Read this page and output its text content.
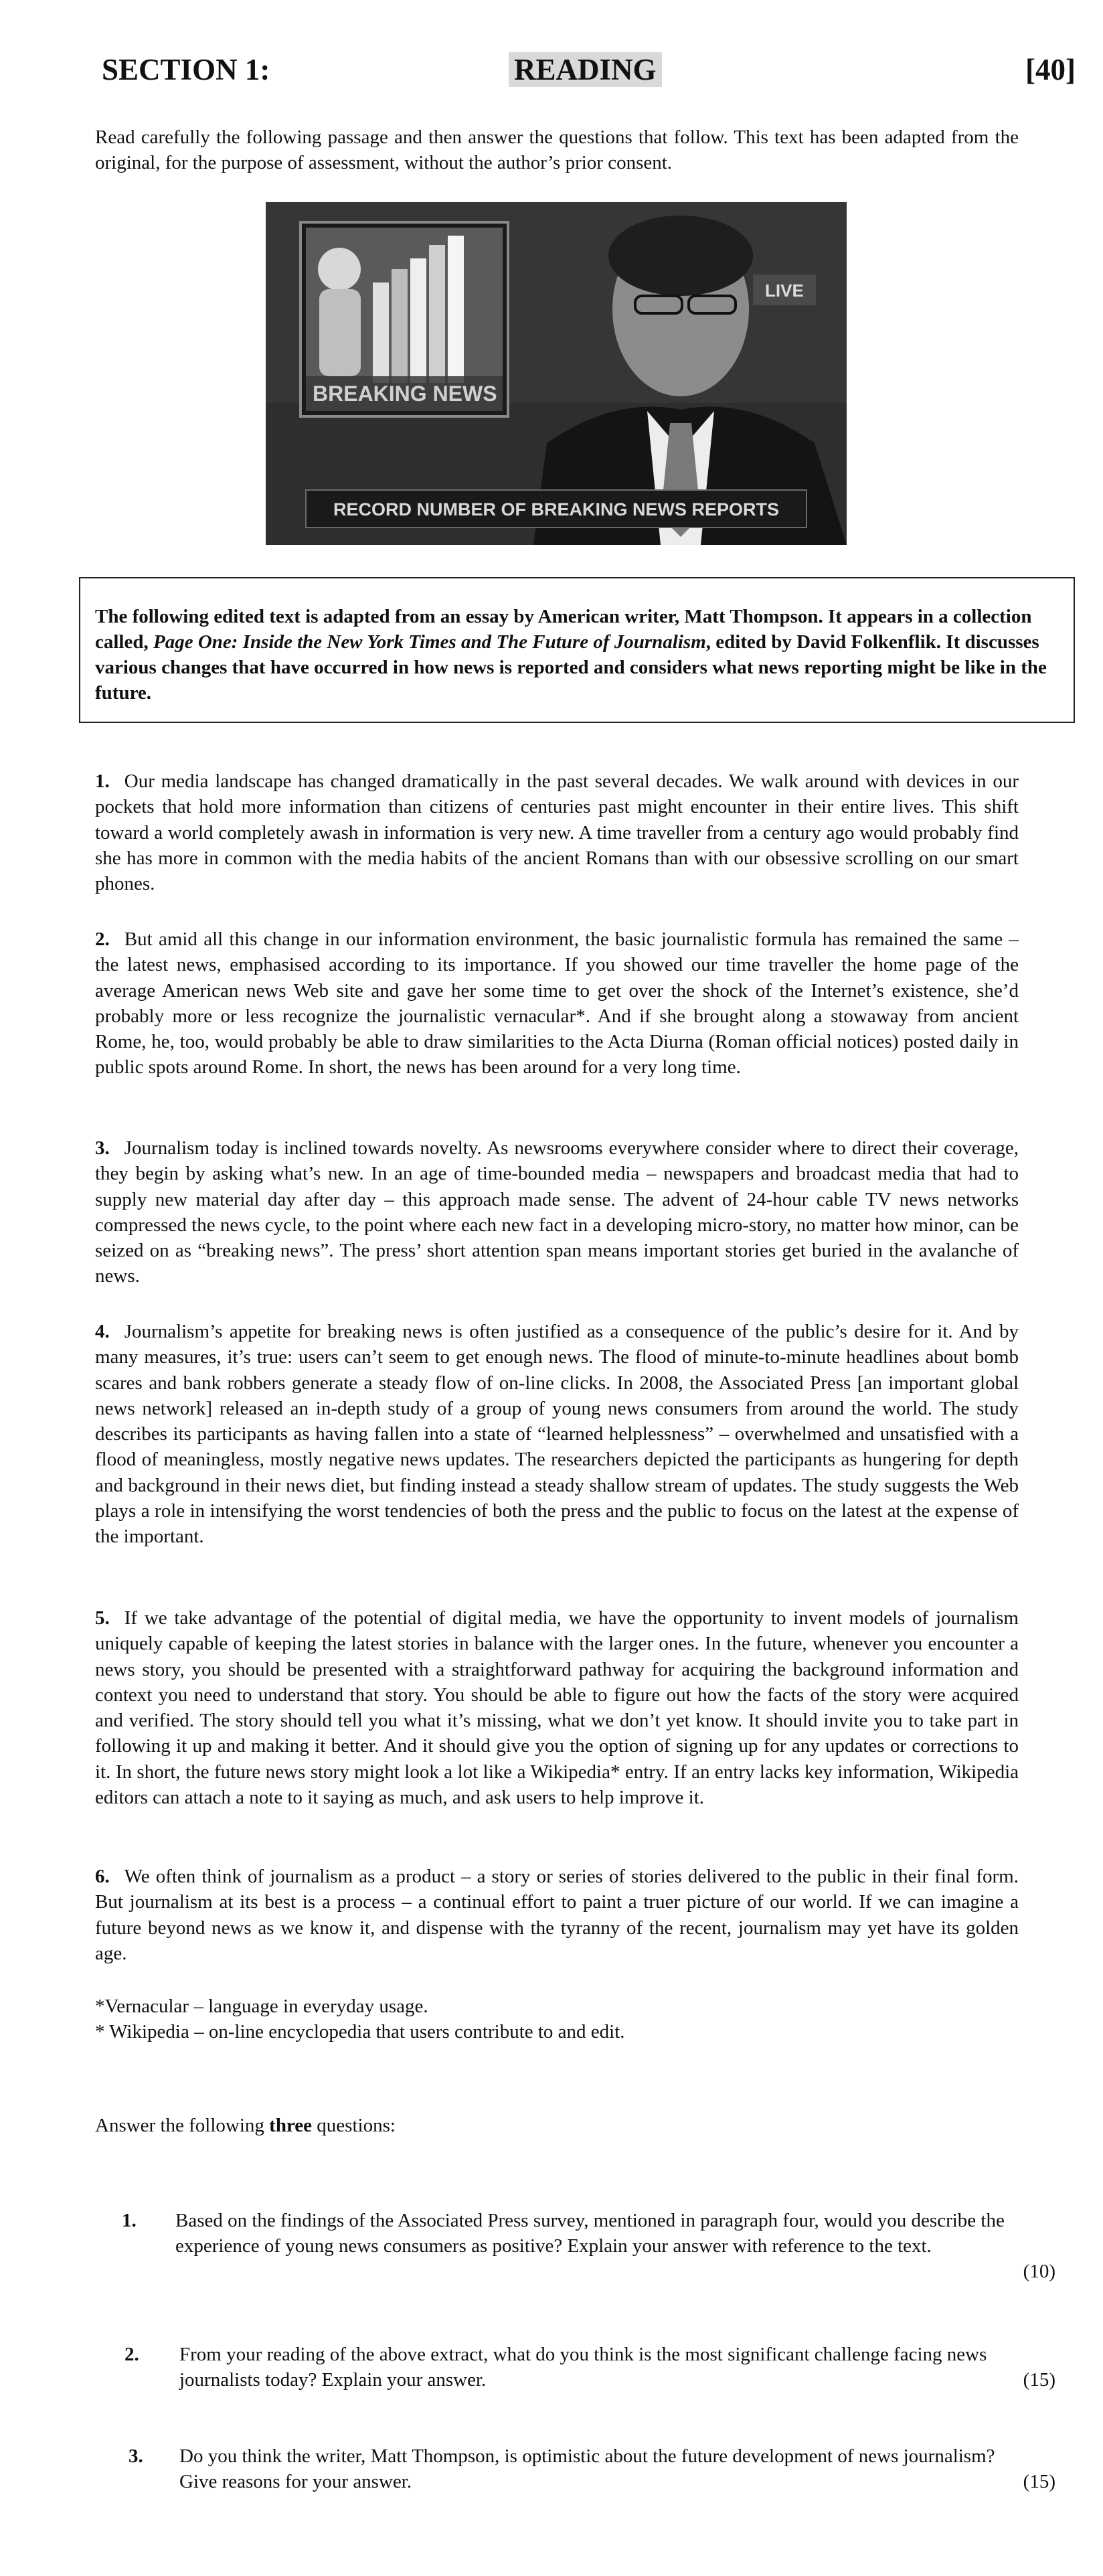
SECTION 1:	READING	[40]
Read carefully the following passage and then answer the questions that follow. This text has been adapted from the original, for the purpose of assessment, without the author’s prior consent.
BREAKING NEWS
LIVE
RECORD NUMBER OF BREAKING NEWS REPORTS
The following edited text is adapted from an essay by American writer, Matt Thompson. It appears in a collection called, Page One: Inside the New York Times and The Future of Journalism, edited by David Folkenflik. It discusses various changes that have occurred in how news is reported and considers what news reporting might be like in the future.
1. Our media landscape has changed dramatically in the past several decades. We walk around with devices in our pockets that hold more information than citizens of centuries past might encounter in their entire lives. This shift toward a world completely awash in information is very new. A time traveller from a century ago would probably find she has more in common with the media habits of the ancient Romans than with our obsessive scrolling on our smart phones.
2. But amid all this change in our information environment, the basic journalistic formula has remained the same – the latest news, emphasised according to its importance. If you showed our time traveller the home page of the average American news Web site and gave her some time to get over the shock of the Internet’s existence, she’d probably more or less recognize the journalistic vernacular*. And if she brought along a stowaway from ancient Rome, he, too, would probably be able to draw similarities to the Acta Diurna (Roman official notices) posted daily in public spots around Rome. In short, the news has been around for a very long time.
3. Journalism today is inclined towards novelty. As newsrooms everywhere consider where to direct their coverage, they begin by asking what’s new. In an age of time-bounded media – newspapers and broadcast media that had to supply new material day after day – this approach made sense. The advent of 24-hour cable TV news networks compressed the news cycle, to the point where each new fact in a developing micro-story, no matter how minor, can be seized on as “breaking news”. The press’ short attention span means important stories get buried in the avalanche of news.
4. Journalism’s appetite for breaking news is often justified as a consequence of the public’s desire for it. And by many measures, it’s true: users can’t seem to get enough news. The flood of minute-to-minute headlines about bomb scares and bank robbers generate a steady flow of on-line clicks. In 2008, the Associated Press [an important global news network] released an in-depth study of a group of young news consumers from around the world. The study describes its participants as having fallen into a state of “learned helplessness” – overwhelmed and unsatisfied with a flood of meaningless, mostly negative news updates. The researchers depicted the participants as hungering for depth and background in their news diet, but finding instead a steady shallow stream of updates. The study suggests the Web plays a role in intensifying the worst tendencies of both the press and the public to focus on the latest at the expense of the important.
5. If we take advantage of the potential of digital media, we have the opportunity to invent models of journalism uniquely capable of keeping the latest stories in balance with the larger ones. In the future, whenever you encounter a news story, you should be presented with a straightforward pathway for acquiring the background information and context you need to understand that story. You should be able to figure out how the facts of the story were acquired and verified. The story should tell you what it’s missing, what we don’t yet know. It should invite you to take part in following it up and making it better. And it should give you the option of signing up for any updates or corrections to it. In short, the future news story might look a lot like a Wikipedia* entry. If an entry lacks key information, Wikipedia editors can attach a note to it saying as much, and ask users to help improve it.
6. We often think of journalism as a product – a story or series of stories delivered to the public in their final form. But journalism at its best is a process – a continual effort to paint a truer picture of our world. If we can imagine a future beyond news as we know it, and dispense with the tyranny of the recent, journalism may yet have its golden age.
*Vernacular – language in everyday usage.
* Wikipedia – on-line encyclopedia that users contribute to and edit.
Answer the following three questions:
1. Based on the findings of the Associated Press survey, mentioned in paragraph four, would you describe the experience of young news consumers as positive? Explain your answer with reference to the text.
(10)
2. From your reading of the above extract, what do you think is the most significant challenge facing news journalists today? Explain your answer.	(15)
3. Do you think the writer, Matt Thompson, is optimistic about the future development of news journalism? Give reasons for your answer.	(15)
